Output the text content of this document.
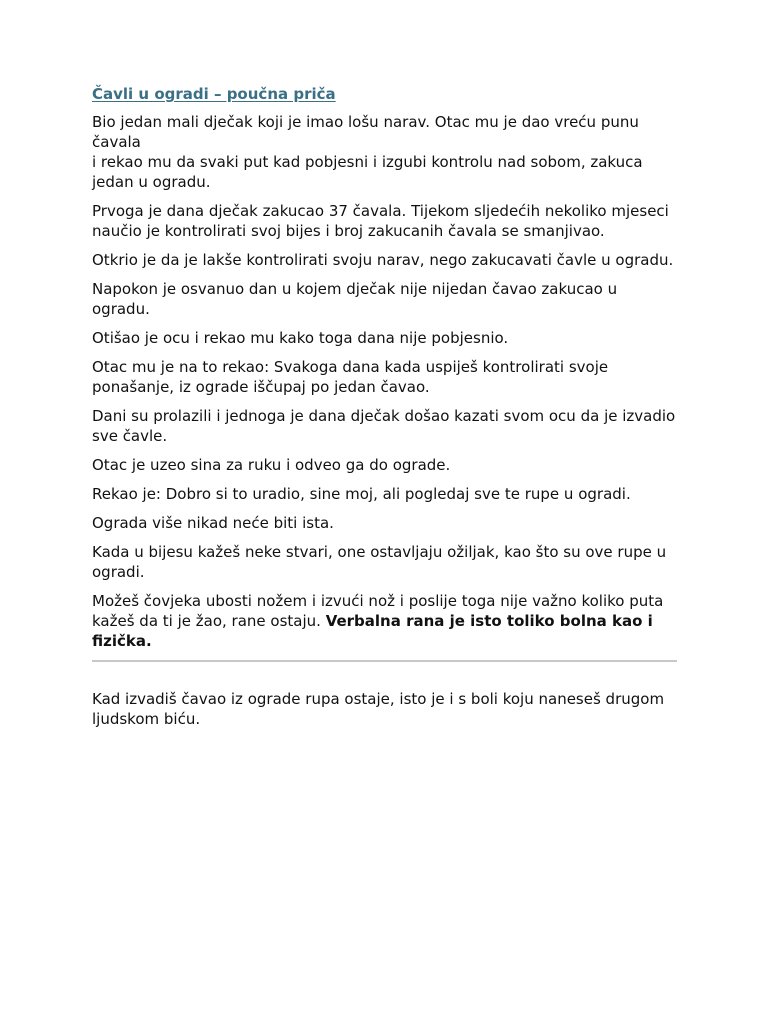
Čavli u ogradi – poučna priča

Bio jedan mali dječak koji je imao lošu narav. Otac mu je dao vreću punu čavala
i rekao mu da svaki put kad pobjesni i izgubi kontrolu nad sobom, zakuca jedan u ogradu.

Prvoga je dana dječak zakucao 37 čavala. Tijekom sljedećih nekoliko mjeseci naučio je kontrolirati svoj bijes i broj zakucanih čavala se smanjivao.

Otkrio je da je lakše kontrolirati svoju narav, nego zakucavati čavle u ogradu.

Napokon je osvanuo dan u kojem dječak nije nijedan čavao zakucao u ogradu.

Otišao je ocu i rekao mu kako toga dana nije pobjesnio.

Otac mu je na to rekao: Svakoga dana kada uspiješ kontrolirati svoje ponašanje, iz ograde iščupaj po jedan čavao.

Dani su prolazili i jednoga je dana dječak došao kazati svom ocu da je izvadio sve čavle.

Otac je uzeo sina za ruku i odveo ga do ograde.

Rekao je: Dobro si to uradio, sine moj, ali pogledaj sve te rupe u ogradi.

Ograda više nikad neće biti ista.

Kada u bijesu kažeš neke stvari, one ostavljaju ožiljak, kao što su ove rupe u ogradi.

Možeš čovjeka ubosti nožem i izvući nož i poslije toga nije važno koliko puta kažeš da ti je žao, rane ostaju. Verbalna rana je isto toliko bolna kao i fizička.

Kad izvadiš čavao iz ograde rupa ostaje, isto je i s boli koju naneseš drugom ljudskom biću.
